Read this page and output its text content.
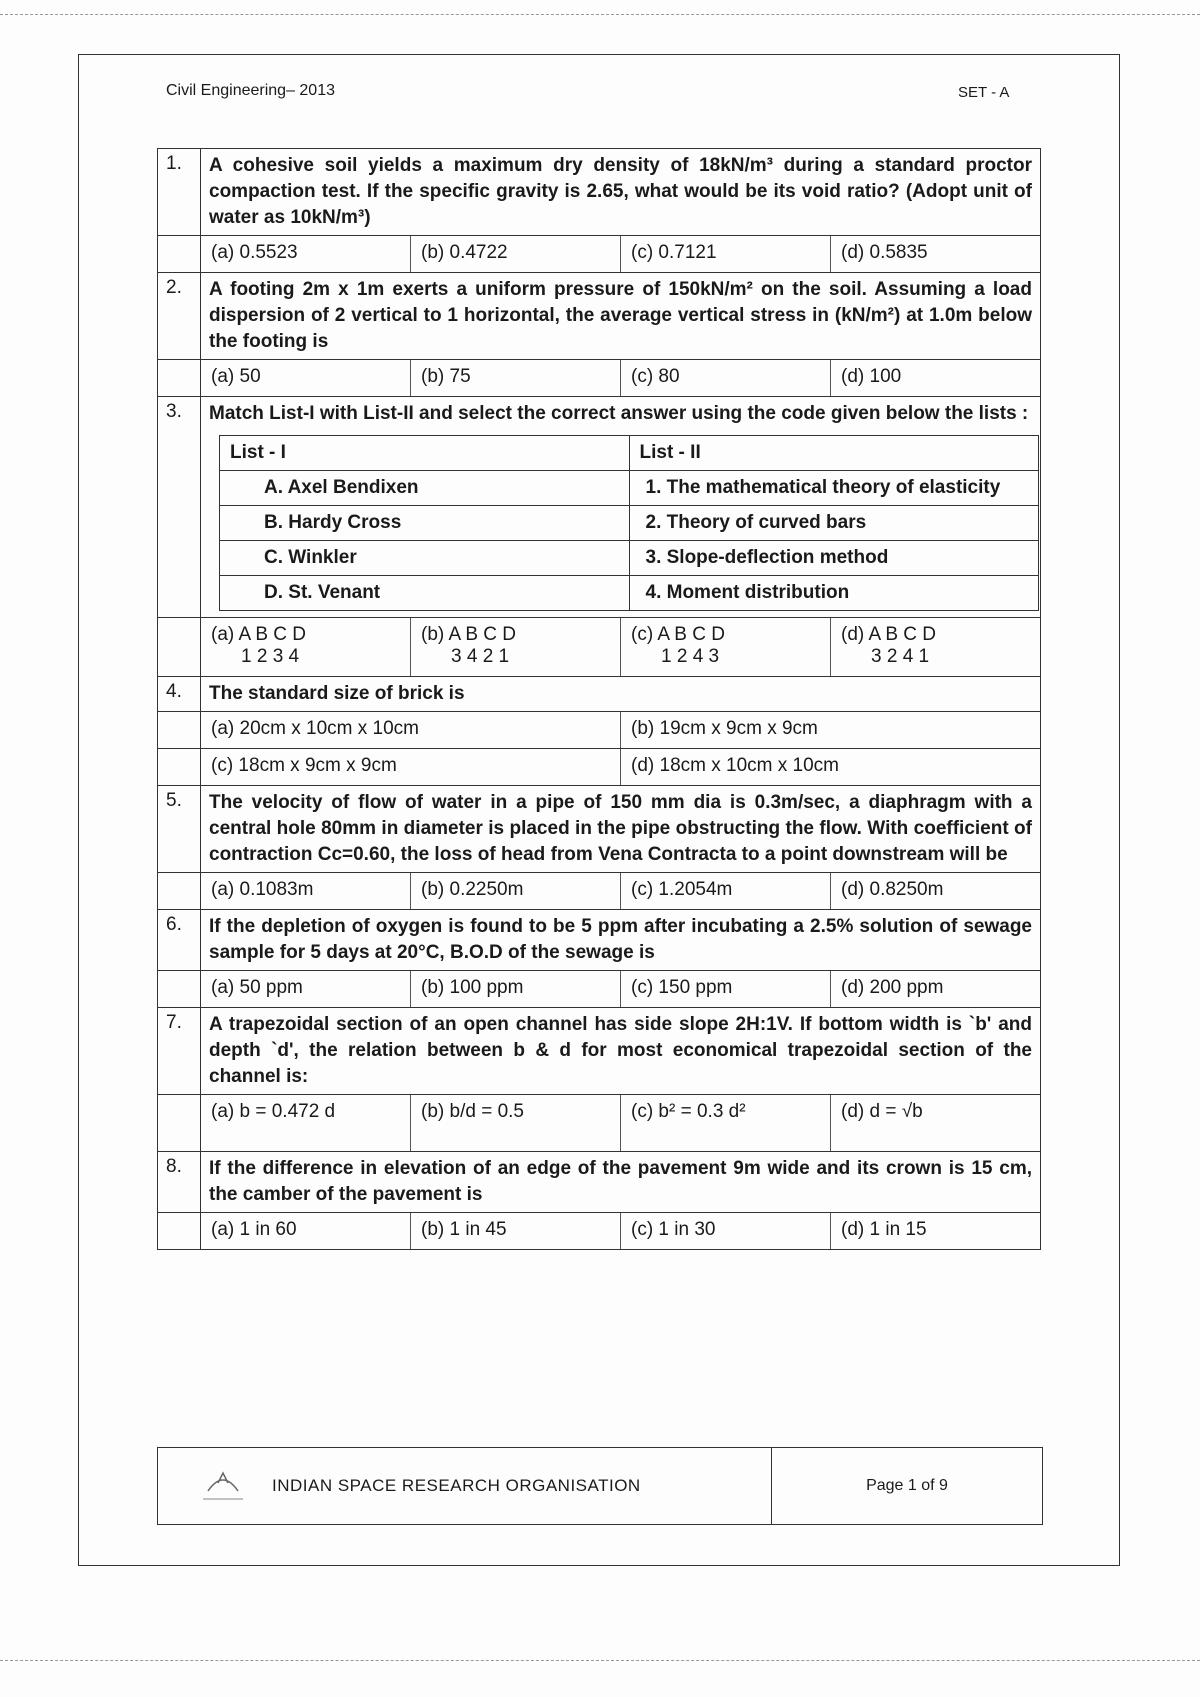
Civil Engineering– 2013	SET - A
1.	A cohesive soil yields a maximum dry density of 18kN/m³ during a standard proctor compaction test. If the specific gravity is 2.65, what would be its void ratio? (Adopt unit of water as 10kN/m³)

(a) 0.5523	(b) 0.4722	(c) 0.7121	(d) 0.5835

2.	A footing 2m x 1m exerts a uniform pressure of 150kN/m² on the soil. Assuming a load dispersion of 2 vertical to 1 horizontal, the average vertical stress in (kN/m²) at 1.0m below the footing is

(a) 50	(b) 75	(c) 80	(d) 100

3.	Match List-I with List-II and select the correct answer using the code given below the lists :
List - I	List - II
A. Axel Bendixen	1. The mathematical theory of elasticity
B. Hardy Cross	2. Theory of curved bars
C. Winkler	3. Slope-deflection method
D. St. Venant	4. Moment distribution

(a) A B C D
1 2 3 4
(b) A B C D
3 4 2 1
(c) A B C D
1 2 4 3
(d) A B C D
3 2 4 1

4.	The standard size of brick is

(a) 20cm x 10cm x 10cm	(b) 19cm x 9cm x 9cm

(c) 18cm x 9cm x 9cm	(d) 18cm x 10cm x 10cm

5.	The velocity of flow of water in a pipe of 150 mm dia is 0.3m/sec, a diaphragm with a central hole 80mm in diameter is placed in the pipe obstructing the flow. With coefficient of contraction Cc=0.60, the loss of head from Vena Contracta to a point downstream will be

(a) 0.1083m	(b) 0.2250m	(c) 1.2054m	(d) 0.8250m

6.	If the depletion of oxygen is found to be 5 ppm after incubating a 2.5% solution of sewage sample for 5 days at 20°C, B.O.D of the sewage is

(a) 50 ppm	(b) 100 ppm	(c) 150 ppm	(d) 200 ppm

7.	A trapezoidal section of an open channel has side slope 2H:1V. If bottom width is `b' and depth `d', the relation between b & d for most economical trapezoidal section of the channel is:

(a) b = 0.472 d	(b) b/d = 0.5	(c) b² = 0.3 d²	(d) d = √b

8.	If the difference in elevation of an edge of the pavement 9m wide and its crown is 15 cm, the camber of the pavement is

(a) 1 in 60	(b) 1 in 45	(c) 1 in 30	(d) 1 in 15
INDIAN SPACE RESEARCH ORGANISATION	Page 1 of 9
